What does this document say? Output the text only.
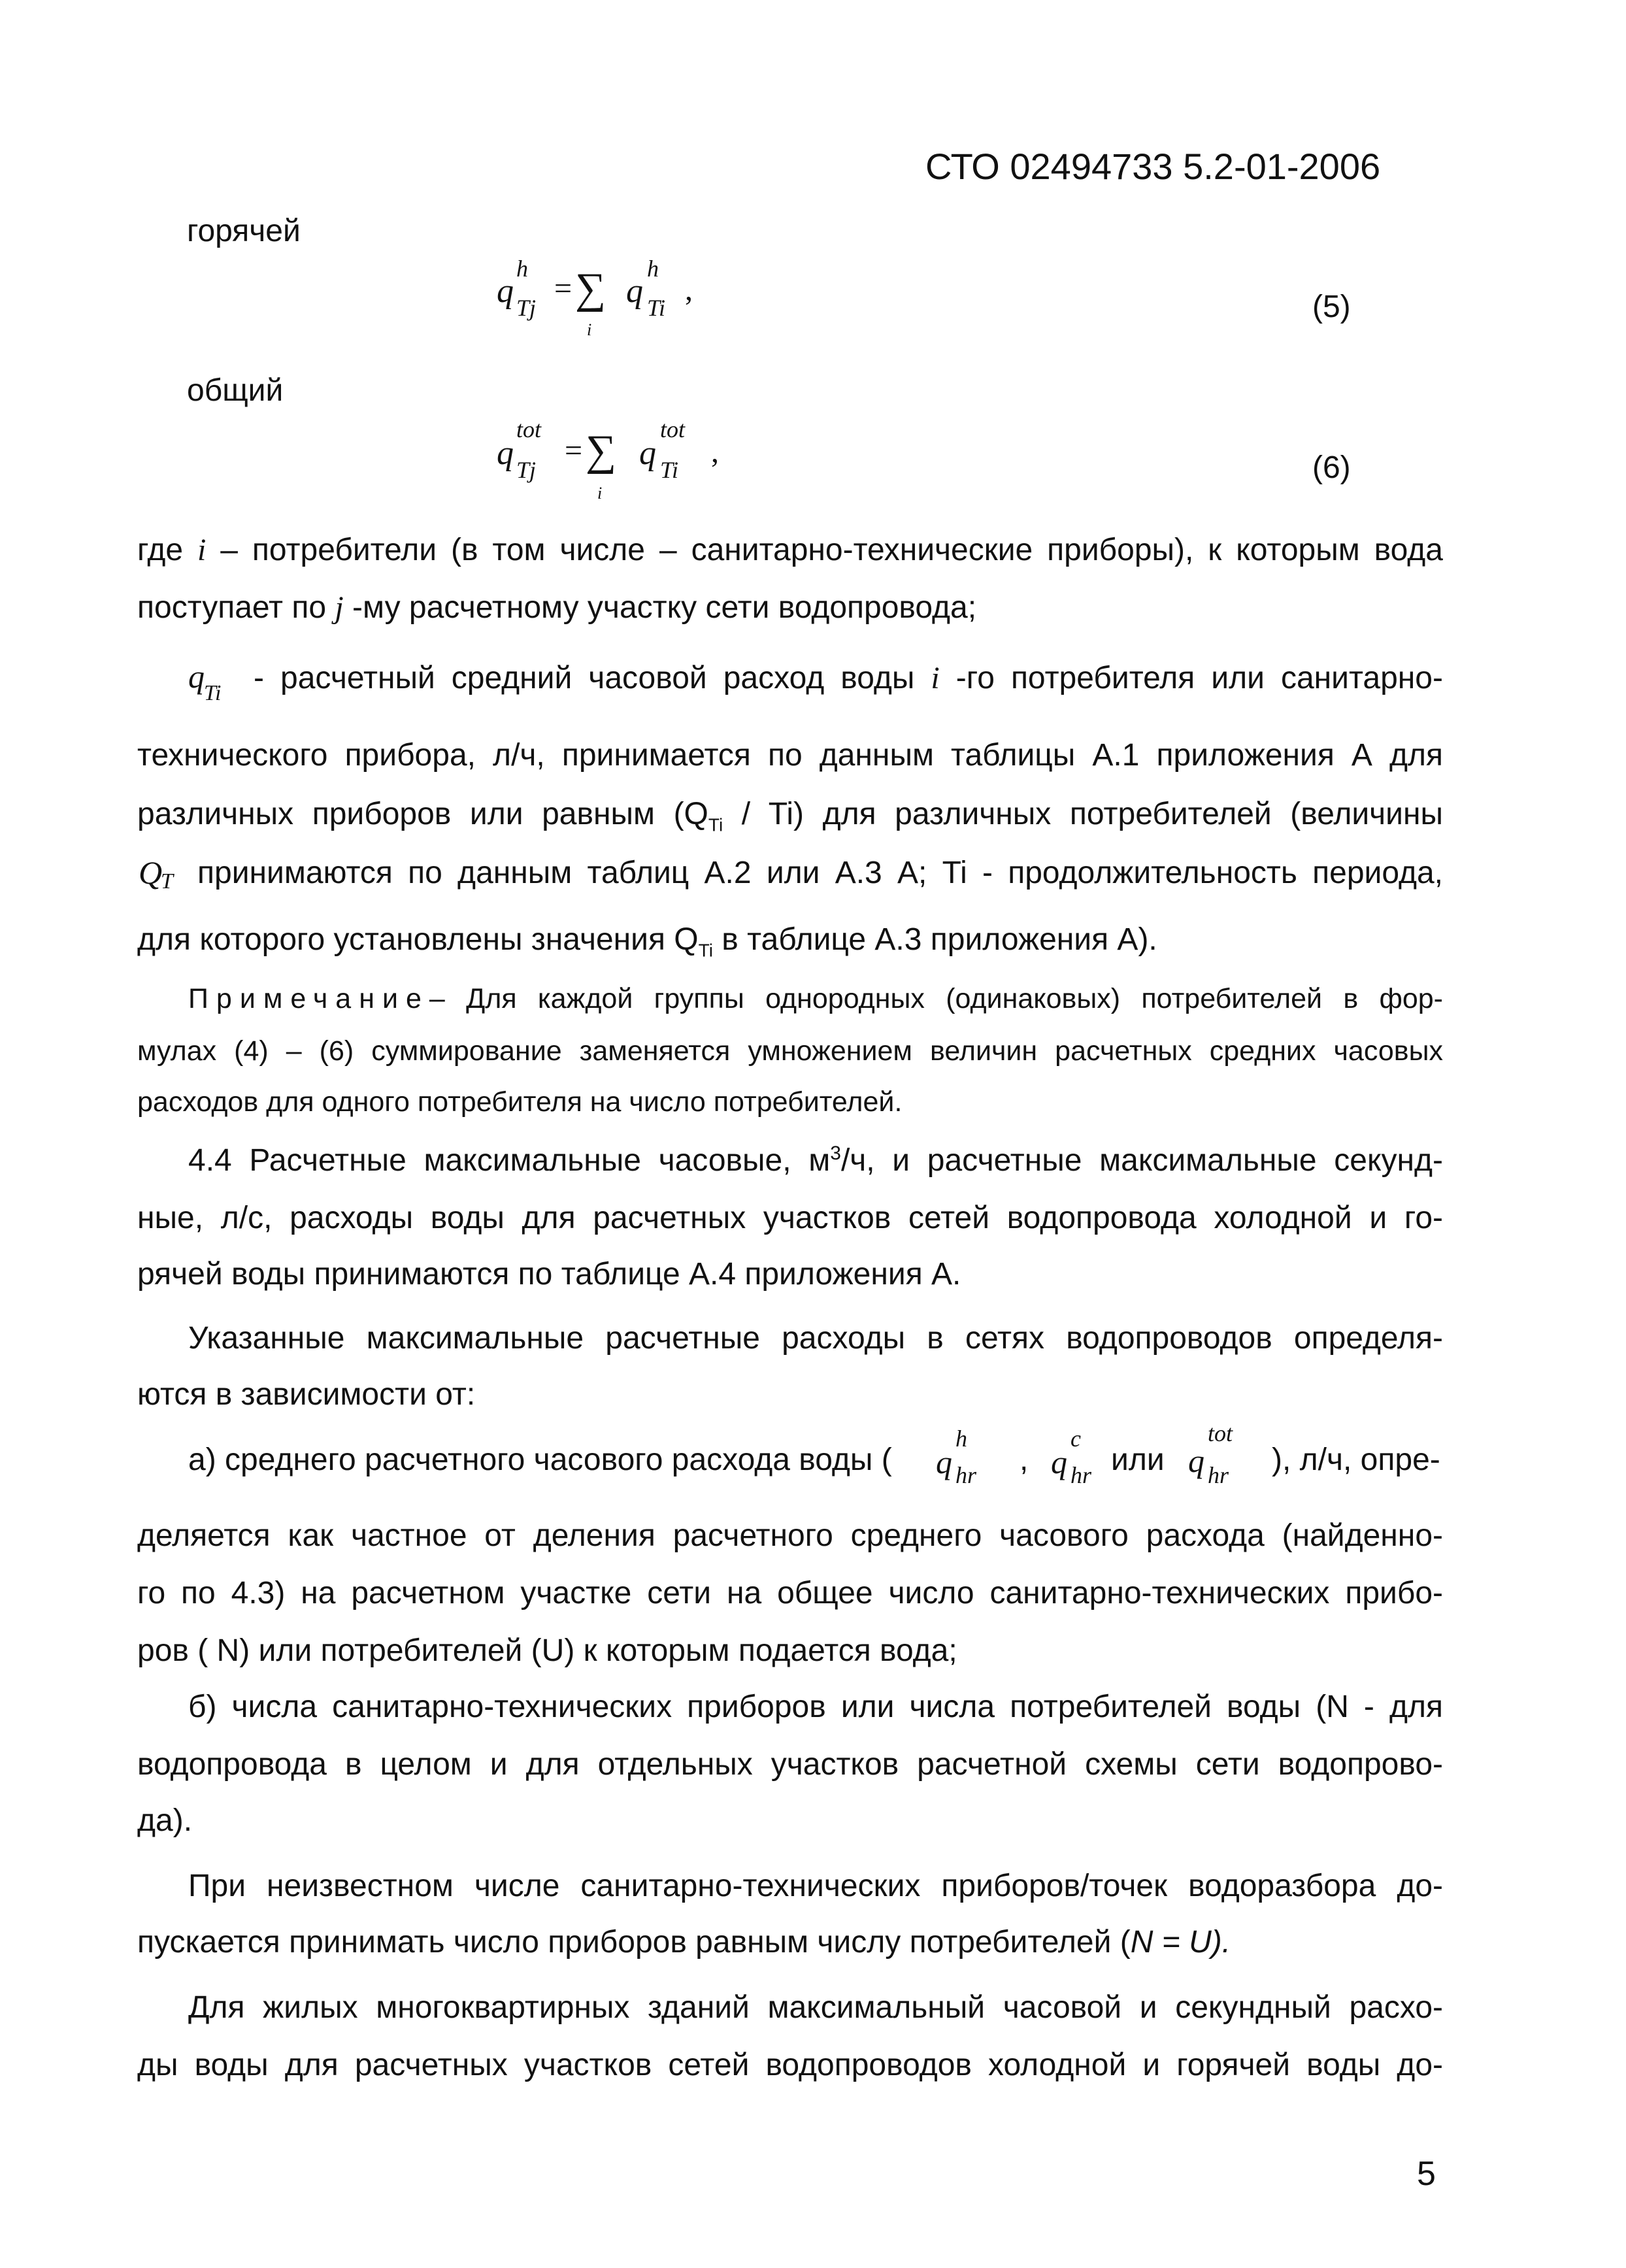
СТО 02494733 5.2-01-2006
горячей
q
h
Tj
= ∑
i
q
h
Ti
,	(5)
общий
q
tot
Tj
= ∑
i
q
tot
Ti
,	(6)
где i – потребители (в том числе – санитарно-технические приборы), к которым вода
поступает по j -му расчетному участку сети водопровода;
q Ti - расчетный средний часовой расход воды i -го потребителя или санитарно-
технического прибора, л/ч, принимается по данным таблицы А.1 приложения А для
различных приборов или равным $(Q_{Ti} / Ti)$ для различных потребителей (величины
Q
T принимаются по данным таблиц А.2 или А.3 А; Ti - продолжительность периода,
для которого установлены значения $Q_{Ti}$ в таблице А.3 приложения А).
Примечание– Для каждой группы однородных (одинаковых) потребителей в фор-
мулах (4) – (6) суммирование заменяется умножением величин расчетных средних часовых
расходов для одного потребителя на число потребителей.
4.4 Расчетные максимальные часовые, $м^3/ч$, и расчетные максимальные секунд-
ные, л/с, расходы воды для расчетных участков сетей водопровода холодной и го-
рячей воды принимаются по таблице А.4 приложения А.
Указанные максимальные расчетные расходы в сетях водопроводов определя-
ются в зависимости от:
а) среднего расчетного часового расхода воды ( q
h
hr , q
c
hr или q
tot
hr ), л/ч, опре-
деляется как частное от деления расчетного среднего часового расхода (найденно-
го по 4.3) на расчетном участке сети на общее число санитарно-технических прибо-
ров ( N) или потребителей (U) к которым подается вода;
б) числа санитарно-технических приборов или числа потребителей воды (N - для
водопровода в целом и для отдельных участков расчетной схемы сети водопрово-
да).
При неизвестном числе санитарно-технических приборов/точек водоразбора до-
пускается принимать число приборов равным числу потребителей (N = U).
Для жилых многоквартирных зданий максимальный часовой и секундный расхо-
ды воды для расчетных участков сетей водопроводов холодной и горячей воды до-
5
